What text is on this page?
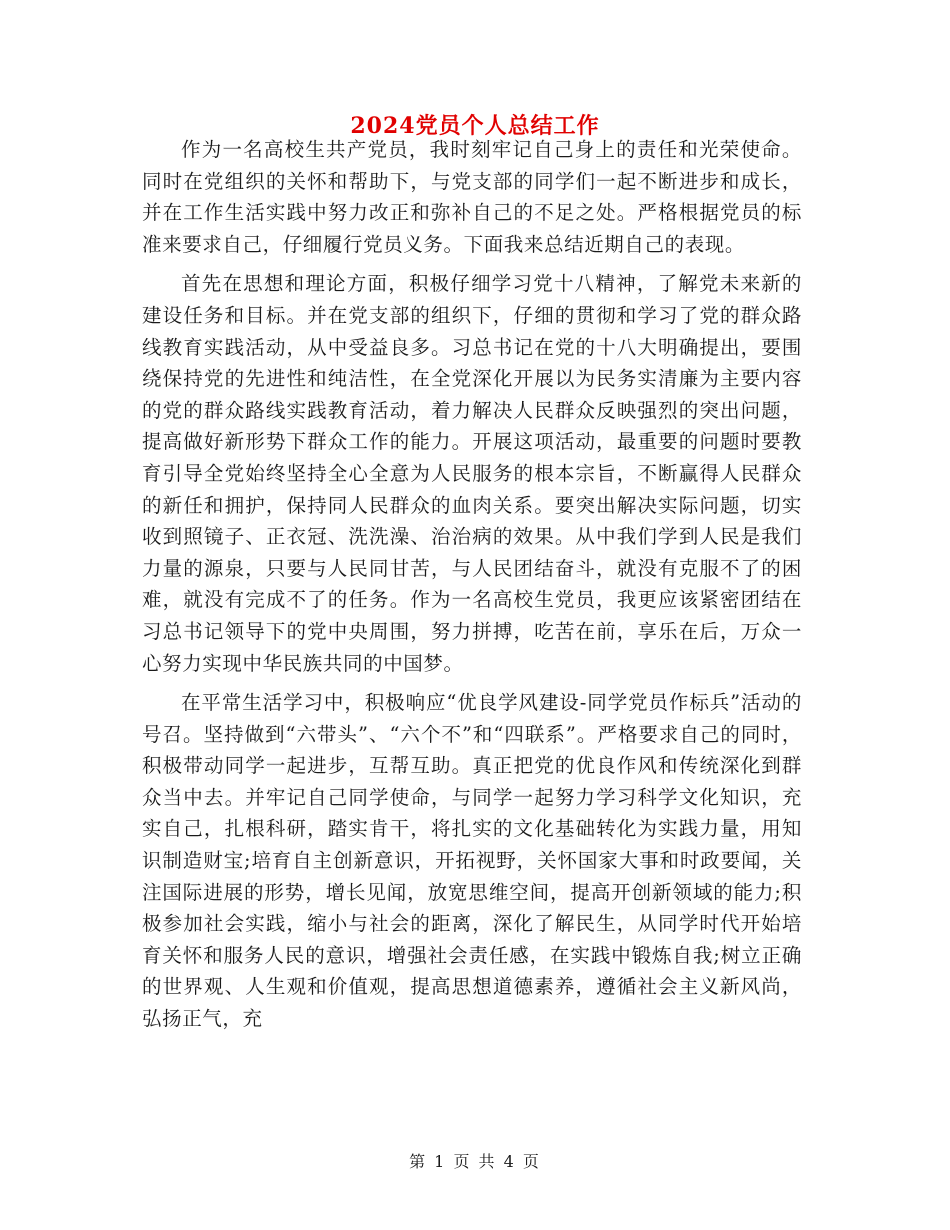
2024党员个人总结工作

作为一名高校生共产党员，我时刻牢记自己身上的责任和光荣使命。同时在党组织的关怀和帮助下，与党支部的同学们一起不断进步和成长，并在工作生活实践中努力改正和弥补自己的不足之处。严格根据党员的标准来要求自己，仔细履行党员义务。下面我来总结近期自己的表现。

首先在思想和理论方面，积极仔细学习党十八精神，了解党未来新的建设任务和目标。并在党支部的组织下，仔细的贯彻和学习了党的群众路线教育实践活动，从中受益良多。习总书记在党的十八大明确提出，要围绕保持党的先进性和纯洁性，在全党深化开展以为民务实清廉为主要内容的党的群众路线实践教育活动，着力解决人民群众反映强烈的突出问题，提高做好新形势下群众工作的能力。开展这项活动，最重要的问题时要教育引导全党始终坚持全心全意为人民服务的根本宗旨，不断赢得人民群众的新任和拥护，保持同人民群众的血肉关系。要突出解决实际问题，切实收到照镜子、正衣冠、洗洗澡、治治病的效果。从中我们学到人民是我们力量的源泉，只要与人民同甘苦，与人民团结奋斗，就没有克服不了的困难，就没有完成不了的任务。作为一名高校生党员，我更应该紧密团结在习总书记领导下的党中央周围，努力拼搏，吃苦在前，享乐在后，万众一心努力实现中华民族共同的中国梦。

在平常生活学习中，积极响应“优良学风建设-同学党员作标兵”活动的号召。坚持做到“六带头”、“六个不”和“四联系”。严格要求自己的同时，积极带动同学一起进步，互帮互助。真正把党的优良作风和传统深化到群众当中去。并牢记自己同学使命，与同学一起努力学习科学文化知识，充实自己，扎根科研，踏实肯干，将扎实的文化基础转化为实践力量，用知识制造财宝;培育自主创新意识，开拓视野，关怀国家大事和时政要闻，关注国际进展的形势，增长见闻，放宽思维空间，提高开创新领域的能力;积极参加社会实践，缩小与社会的距离，深化了解民生，从同学时代开始培育关怀和服务人民的意识，增强社会责任感，在实践中锻炼自我;树立正确的世界观、人生观和价值观，提高思想道德素养，遵循社会主义新风尚，弘扬正气，充

第 1 页 共 4 页
